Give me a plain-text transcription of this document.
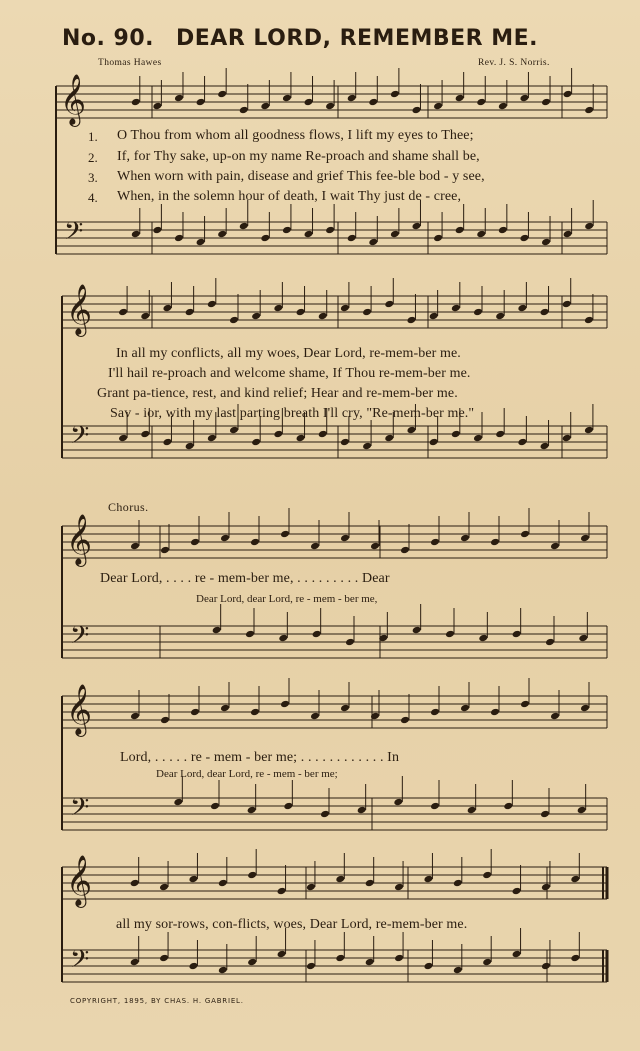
No. 90. DEAR LORD, REMEMBER ME.
Thomas Hawes	Rev. J. S. Norris.
𝄞
𝄢
𝄞
𝄢
𝄞
𝄢
𝄞
𝄢
𝄞
𝄢
1. O Thou from whom all goodness flows, I lift my eyes to Thee;
2. If, for Thy sake, up-on my name Re-proach and shame shall be,
3. When worn with pain, disease and grief This fee-ble bod - y see,
4. When, in the solemn hour of death, I wait Thy just de - cree,
In all my conflicts, all my woes, Dear Lord, re-mem-ber me.
I'll hail re-proach and welcome shame, If Thou re-mem-ber me.
Grant pa-tience, rest, and kind relief; Hear and re-mem-ber me.
Sav - ior, with my last parting breath I'll cry, "Re-mem-ber me."
Chorus.
Dear Lord, . . . . re - mem-ber me, . . . . . . . . . Dear
Dear Lord, dear Lord, re - mem - ber me,
Lord, . . . . . re - mem - ber me; . . . . . . . . . . . . In
Dear Lord, dear Lord, re - mem - ber me;
all my sor-rows, con-flicts, woes, Dear Lord, re-mem-ber me.
COPYRIGHT, 1895, BY CHAS. H. GABRIEL.
